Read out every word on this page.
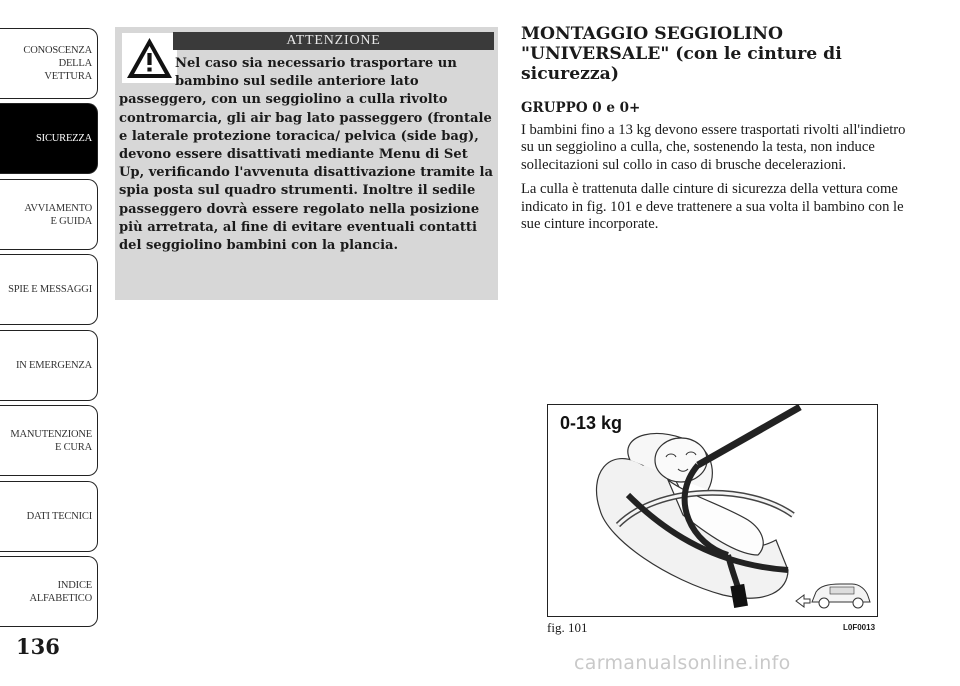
CONOSCENZA DELLA VETTURA
SICUREZZA
AVVIAMENTO E GUIDA
SPIE E MESSAGGI
IN EMERGENZA
MANUTENZIONE E CURA
DATI TECNICI
INDICE ALFABETICO
136
ATTENZIONE
Nel caso sia necessario trasportare un bambino sul sedile anteriore lato passeggero, con un seggiolino a culla rivolto contromarcia, gli air bag lato passeggero (frontale e laterale protezione toracica/ pelvica (side bag), devono essere disattivati mediante Menu di Set Up, verificando l'avvenuta disattivazione tramite la spia posta sul quadro strumenti. Inoltre il sedile passeggero dovrà essere regolato nella posizione più arretrata, al fine di evitare eventuali contatti del seggiolino bambini con la plancia.
MONTAGGIO SEGGIOLINO
"UNIVERSALE" (con le cinture di
sicurezza)
GRUPPO 0 e 0+

I bambini fino a 13 kg devono essere trasportati rivolti all'indietro su un seggiolino a culla, che, sostenendo la testa, non induce sollecitazioni sul collo in caso di brusche decelerazioni.

La culla è trattenuta dalle cinture di sicurezza della vettura come indicato in fig. 101 e deve trattenere a sua volta il bambino con le sue cinture incorporate.

0-13 kg
fig. 101	L0F0013
carmanualsonline.info
